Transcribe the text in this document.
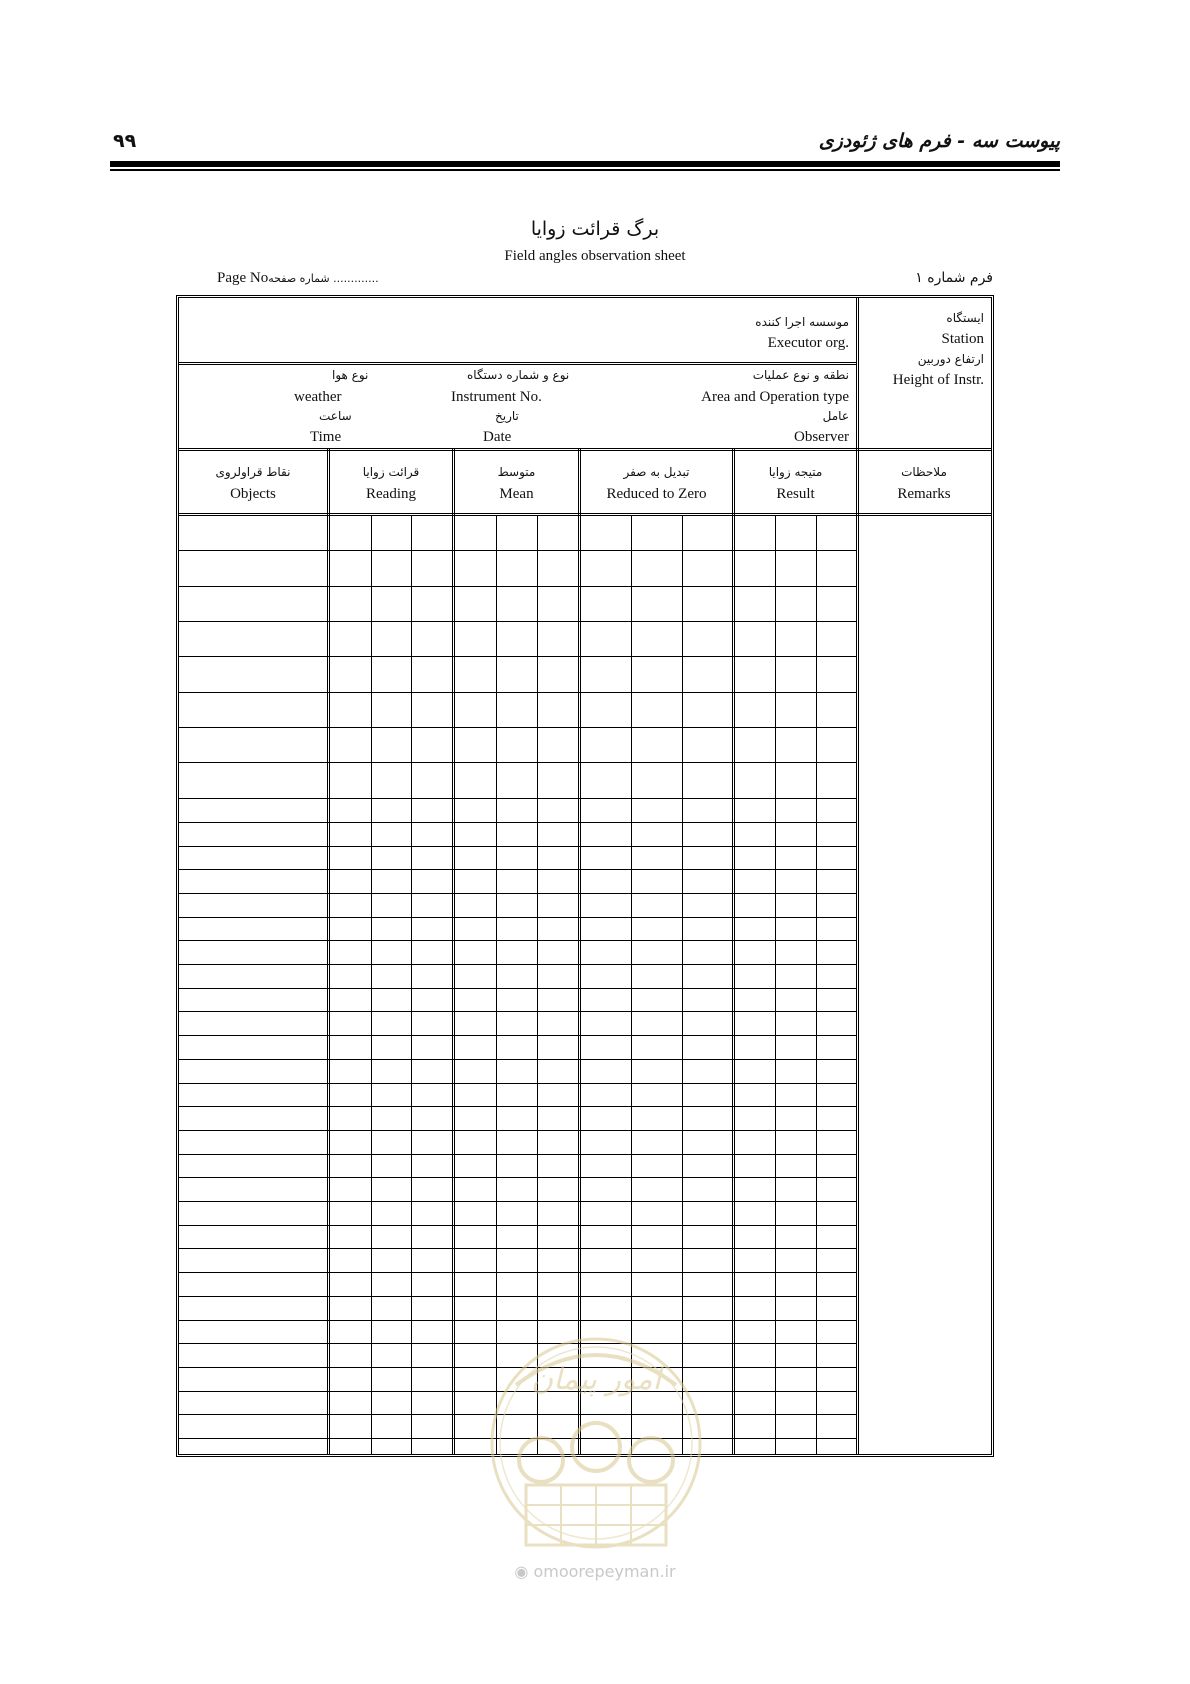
پیوست سه - فرم های ژئودزی
۹۹
برگ قرائت زوایا
Field angles observation sheet
فرم شماره ۱
Page Noشماره صفحه .............
ایستگاه
Station
ارتفاع دوربین
Height of Instr.
موسسه اجرا کننده
Executor org.
نطقه و نوع عملیات
Area and Operation type
نوع و شماره دستگاه
Instrument No.
نوع هوا
weather
عامل
Observer
تاریخ
Date
ساعت
Time
ملاحظات
Remarks
متیجه زوایا
Result
تبدیل به صفر
Reduced to Zero
متوسط
Mean
قرائت زوایا
Reading
نقاط قراولروی
Objects
امور پیمان
◉ omoorepeyman.ir
